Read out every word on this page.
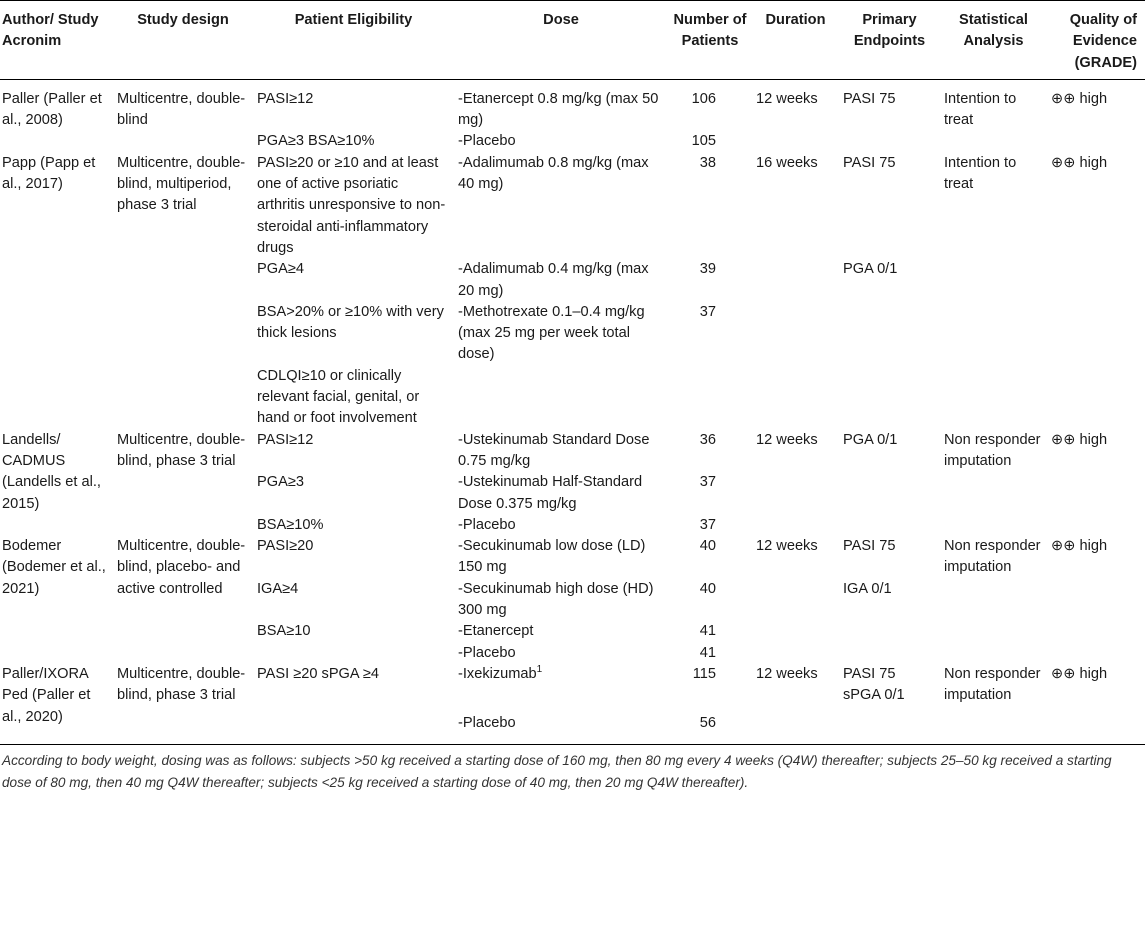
Author/ Study Acronim	Study design	Patient Eligibility	Dose	Number of Patients	Duration	Primary Endpoints	Statistical Analysis	Quality of Evidence (GRADE)
Paller (Paller et al., 2008)	Multicentre, double-blind	PASI≥12	-Etanercept 0.8 mg/kg (max 50 mg)	106	12 weeks	PASI 75	Intention to treat	⊕⊕ high
		PGA≥3 BSA≥10%	-Placebo	105				
Papp (Papp et al., 2017)	Multicentre, double-blind, multiperiod, phase 3 trial	PASI≥20 or ≥10 and at least one of active psoriatic arthritis unresponsive to non-steroidal anti-inflammatory drugs	-Adalimumab 0.8 mg/kg (max 40 mg)	38	16 weeks	PASI 75	Intention to treat	⊕⊕ high
		PGA≥4	-Adalimumab 0.4 mg/kg (max 20 mg)	39		PGA 0/1		
		BSA>20% or ≥10% with very thick lesions	-Methotrexate 0.1–0.4 mg/kg (max 25 mg per week total dose)	37				
		CDLQI≥10 or clinically relevant facial, genital, or hand or foot involvement						
Landells/ CADMUS (Landells et al., 2015)	Multicentre, double-blind, phase 3 trial	PASI≥12	-Ustekinumab Standard Dose 0.75 mg/kg	36	12 weeks	PGA 0/1	Non responder imputation	⊕⊕ high
		PGA≥3	-Ustekinumab Half-Standard Dose 0.375 mg/kg	37				
		BSA≥10%	-Placebo	37				
Bodemer (Bodemer et al., 2021)	Multicentre, double-blind, placebo- and active controlled	PASI≥20	-Secukinumab low dose (LD) 150 mg	40	12 weeks	PASI 75	Non responder imputation	⊕⊕ high
		IGA≥4	-Secukinumab high dose (HD) 300 mg	40		IGA 0/1		
		BSA≥10	-Etanercept	41				
			-Placebo	41				
Paller/IXORA Ped (Paller et al., 2020)	Multicentre, double-blind, phase 3 trial	PASI ≥20 sPGA ≥4	-Ixekizumab$^1$	115	12 weeks	PASI 75 sPGA 0/1	Non responder imputation	⊕⊕ high
			-Placebo	56				
According to body weight, dosing was as follows: subjects >50 kg received a starting dose of 160 mg, then 80 mg every 4 weeks (Q4W) thereafter; subjects 25–50 kg received a starting dose of 80 mg, then 40 mg Q4W thereafter; subjects <25 kg received a starting dose of 40 mg, then 20 mg Q4W thereafter).
